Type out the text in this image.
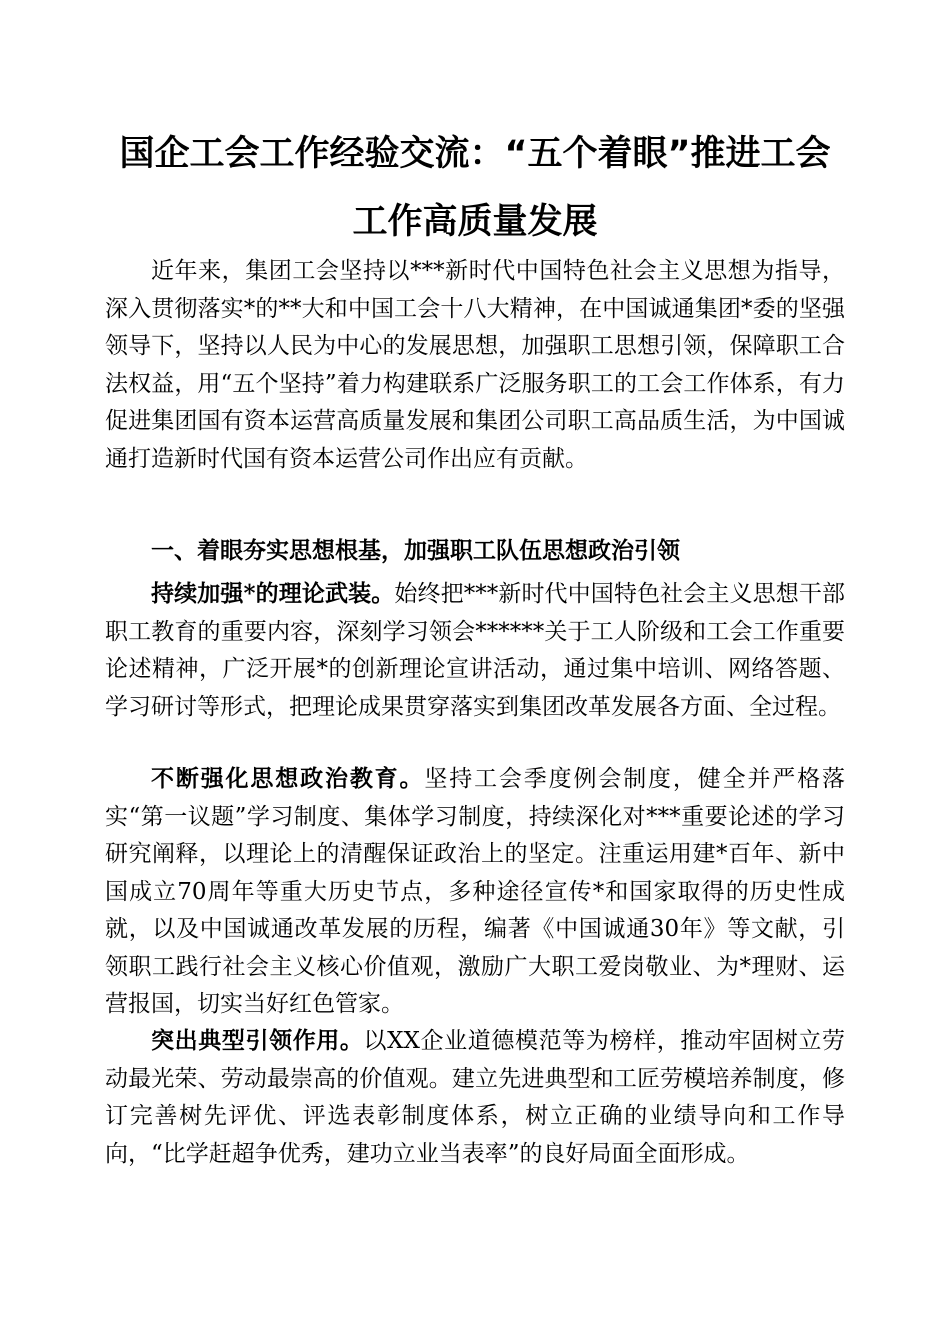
国企工会工作经验交流：“五个着眼”推进工会
工作高质量发展

近年来，集团工会坚持以***新时代中国特色社会主义思想为指导，深入贯彻落实*的**大和中国工会十八大精神，在中国诚通集团*委的坚强领导下，坚持以人民为中心的发展思想，加强职工思想引领，保障职工合法权益，用“五个坚持”着力构建联系广泛服务职工的工会工作体系，有力促进集团国有资本运营高质量发展和集团公司职工高品质生活，为中国诚通打造新时代国有资本运营公司作出应有贡献。

一、着眼夯实思想根基，加强职工队伍思想政治引领

持续加强*的理论武装。始终把***新时代中国特色社会主义思想干部职工教育的重要内容，深刻学习领会******关于工人阶级和工会工作重要论述精神，广泛开展*的创新理论宣讲活动，通过集中培训、网络答题、学习研讨等形式，把理论成果贯穿落实到集团改革发展各方面、全过程。

不断强化思想政治教育。坚持工会季度例会制度，健全并严格落实“第一议题”学习制度、集体学习制度，持续深化对***重要论述的学习研究阐释，以理论上的清醒保证政治上的坚定。注重运用建*百年、新中国成立70周年等重大历史节点，多种途径宣传*和国家取得的历史性成就，以及中国诚通改革发展的历程，编著《中国诚通30年》等文献，引领职工践行社会主义核心价值观，激励广大职工爱岗敬业、为*理财、运营报国，切实当好红色管家。

突出典型引领作用。以XX企业道德模范等为榜样，推动牢固树立劳动最光荣、劳动最崇高的价值观。建立先进典型和工匠劳模培养制度，修订完善树先评优、评选表彰制度体系，树立正确的业绩导向和工作导向，“比学赶超争优秀，建功立业当表率”的良好局面全面形成。
